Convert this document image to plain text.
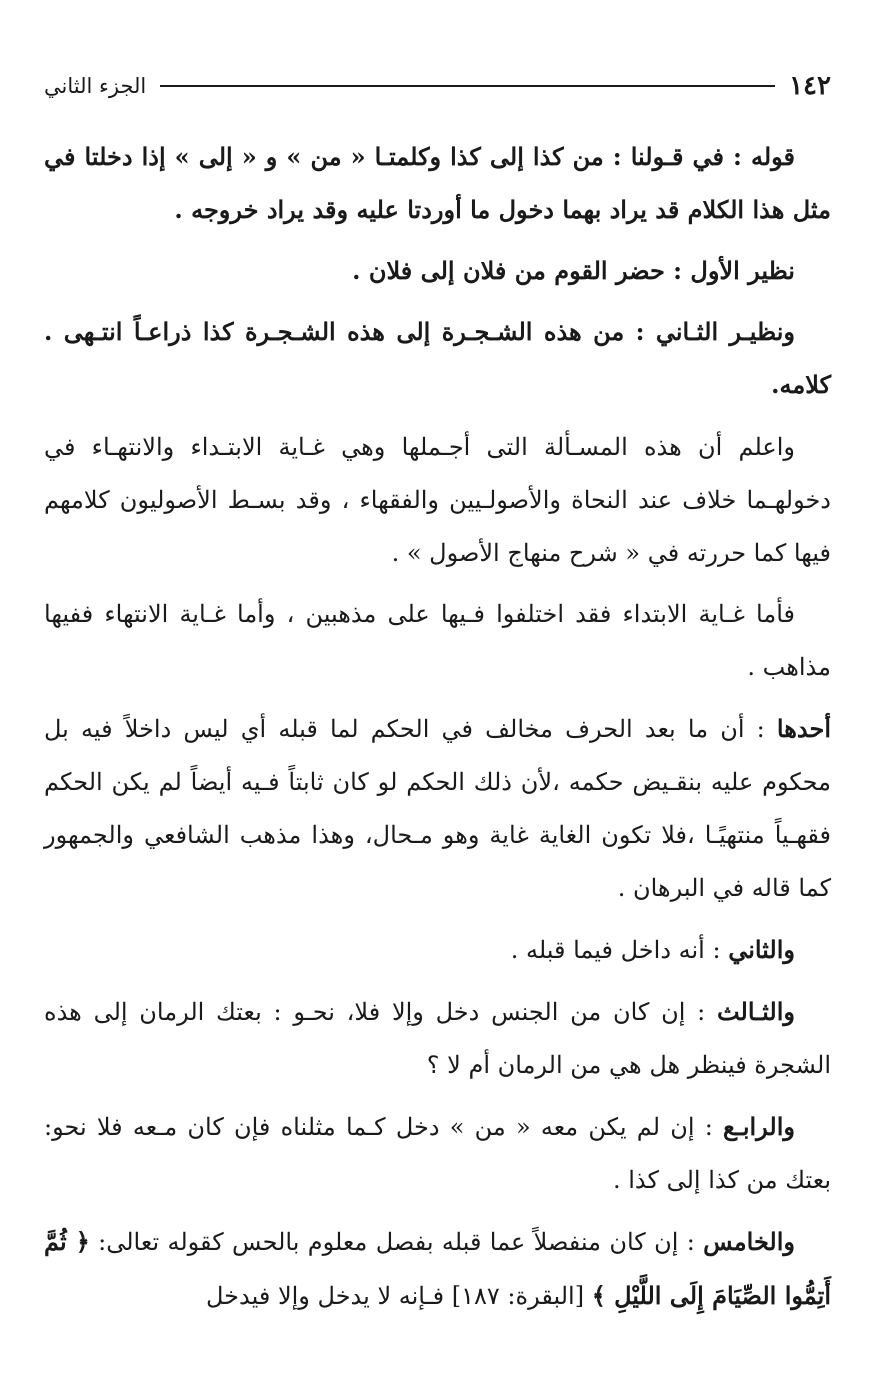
١٤٢
الجزء الثاني

قوله : في قـولنا : من كذا إلى كذا وكلمتـا « من » و « إلى » إذا دخلتا في مثل هذا الكلام قد يراد بهما دخول ما أوردتا عليه وقد يراد خروجه .

نظير الأول : حضر القوم من فلان إلى فلان .

ونظيـر الثـاني : من هذه الشـجـرة إلى هذه الشـجـرة كذا ذراعـاً انتـهى . كلامه.

واعلم أن هذه المسـألة التى أجـملها وهي غـاية الابتـداء والانتهـاء في دخولهـما خلاف عند النحاة والأصولـيين والفقهاء ، وقد بسـط الأصوليون كلامهم فيها كما حررته في « شرح منهاج الأصول » .

فأما غـاية الابتداء فقد اختلفوا فـيها على مذهبين ، وأما غـاية الانتهاء ففيها مذاهب .

أحدها : أن ما بعد الحرف مخالف في الحكم لما قبله أي ليس داخلاً فيه بل محكوم عليه بنقـيض حكمه ،لأن ذلك الحكم لو كان ثابتاً فـيه أيضاً لم يكن الحكم فقهـياً منتهيًـا ،فلا تكون الغاية غاية وهو مـحال، وهذا مذهب الشافعي والجمهور كما قاله في البرهان .

والثاني : أنه داخل فيما قبله .

والثـالث : إن كان من الجنس دخل وإلا فلا، نحـو : بعتك الرمان إلى هذه الشجرة فينظر هل هي من الرمان أم لا ؟

والرابـع : إن لم يكن معه « من » دخل كـما مثلناه فإن كان مـعه فلا نحو: بعتك من كذا إلى كذا .

والخامس : إن كان منفصلاً عما قبله بفصل معلوم بالحس كقوله تعالى: ﴿ ثُمَّ أَتِمُّوا الصِّيَامَ إِلَى اللَّيْلِ ﴾ [البقرة: ١٨٧] فـإنه لا يدخل وإلا فيدخل
